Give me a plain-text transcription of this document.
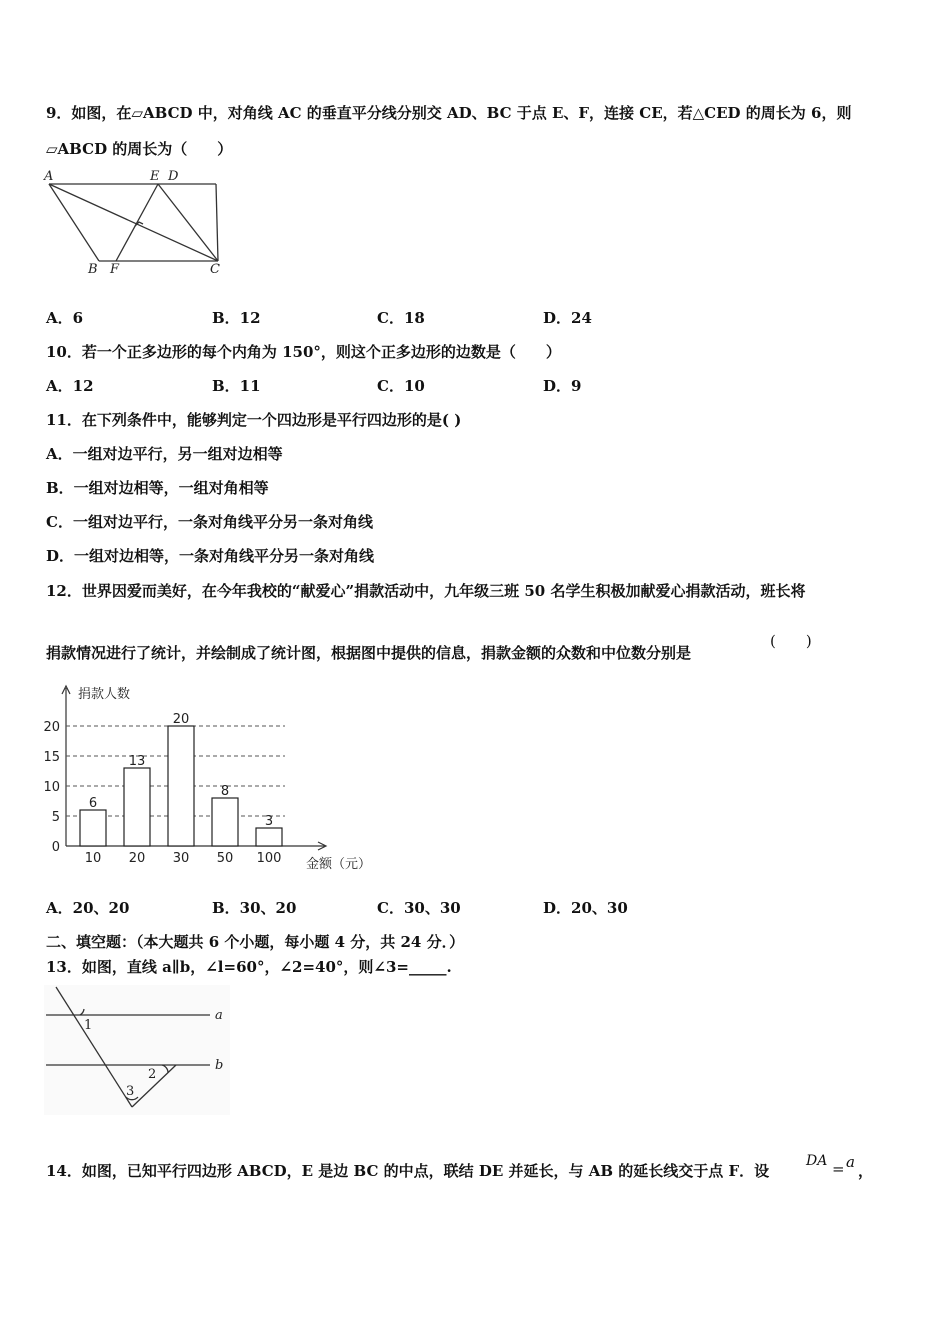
9．如图，在▱ABCD 中，对角线 AC 的垂直平分线分别交 AD、BC 于点 E、F，连接 CE，若△CED 的周长为 6，则
▱ABCD 的周长为（　　）
A	E D
B F	C
A．6	B．12	C．18	D．24
10．若一个正多边形的每个内角为 150°，则这个正多边形的边数是（　　）
A．12	B．11	C．10	D．9
11．在下列条件中，能够判定一个四边形是平行四边形的是( )
A．一组对边平行，另一组对边相等
B．一组对边相等，一组对角相等
C．一组对边平行，一条对角线平分另一条对角线
D．一组对边相等，一条对角线平分另一条对角线
12．世界因爱而美好，在今年我校的“献爱心”捐款活动中，九年级三班 50 名学生积极加献爱心捐款活动，班长将
捐款情况进行了统计，并绘制成了统计图，根据图中提供的信息，捐款金额的众数和中位数分别是
(　　)
0
5
10
15
20
6
10
13
20
20
30
8
50
3
100
捐款人数
金额（元）
A．20、20	B．30、20	C．30、30	D．20、30
二、填空题：（本大题共 6 个小题，每小题 4 分，共 24 分．）
13．如图，直线 a∥b，∠l=60°，∠2=40°，则∠3=_____.
a
b
1
2
3
14．如图，已知平行四边形 ABCD，E 是边 BC 的中点，联结 DE 并延长，与 AB 的延长线交于点 F．设
DA = a ，
